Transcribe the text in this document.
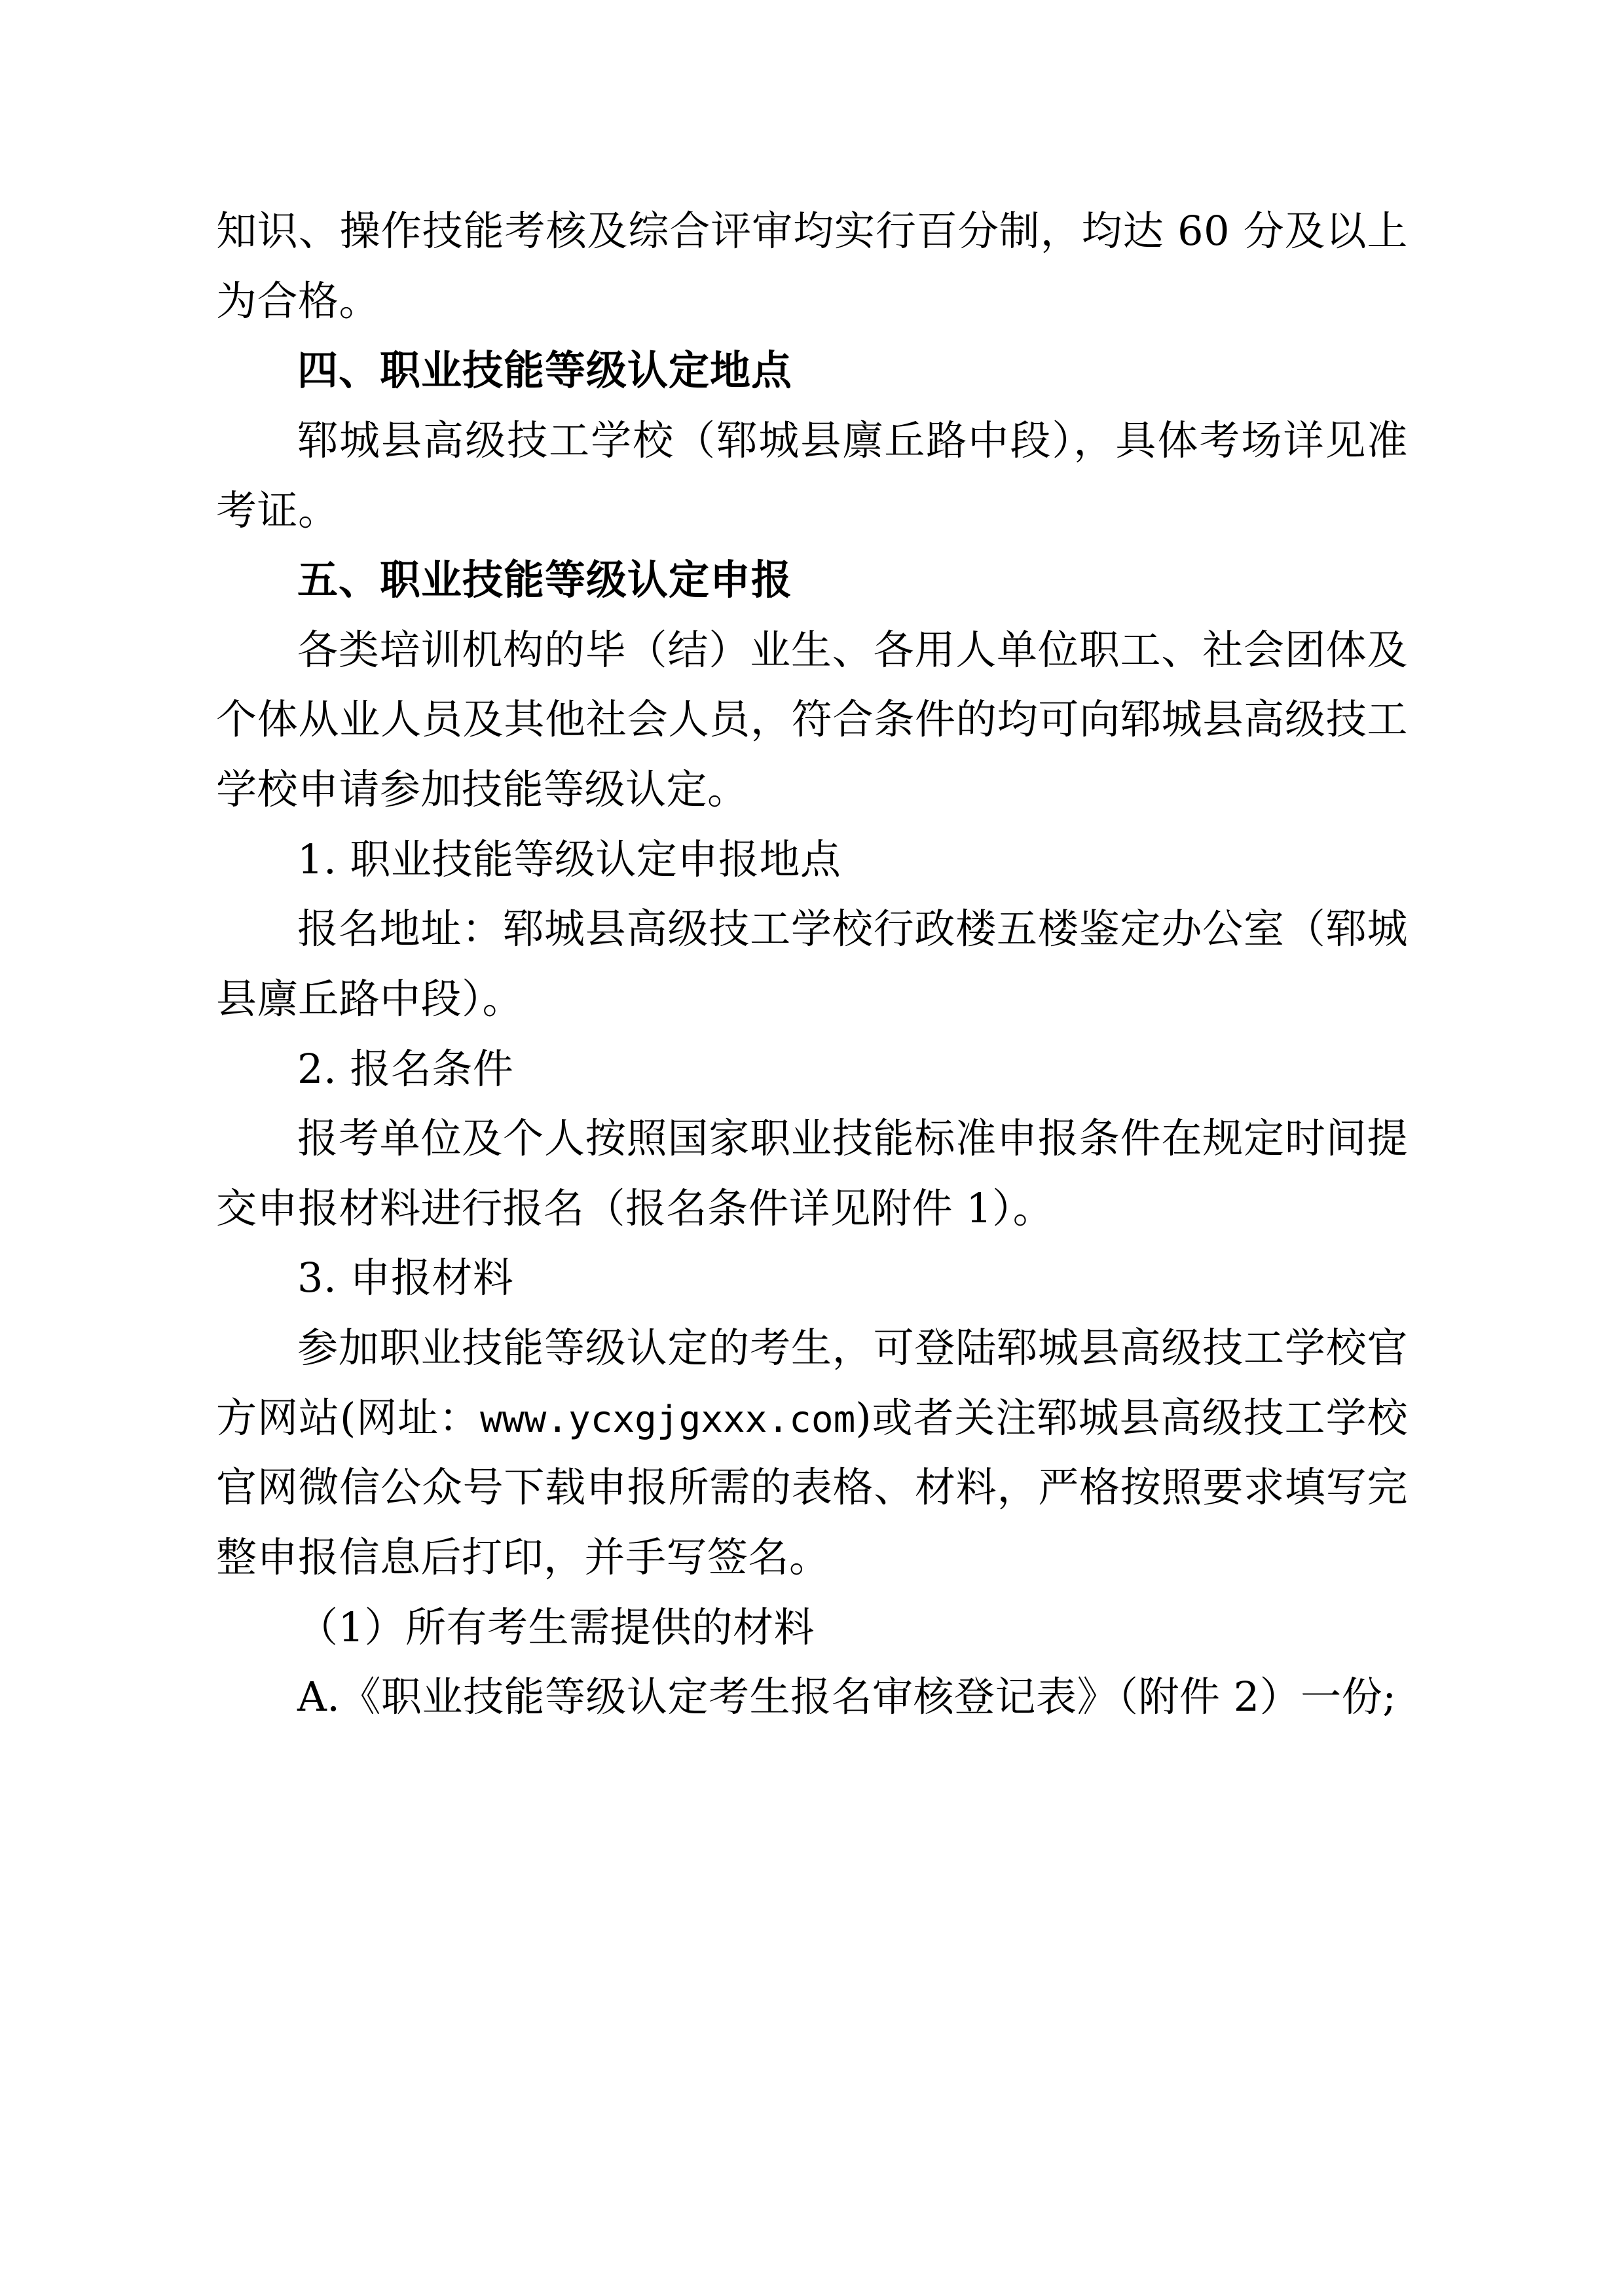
知识、操作技能考核及综合评审均实行百分制，均达 60 分及以上为合格。

四、职业技能等级认定地点

郓城县高级技工学校（郓城县廪丘路中段），具体考场详见准考证。

五、职业技能等级认定申报

各类培训机构的毕（结）业生、各用人单位职工、社会团体及个体从业人员及其他社会人员，符合条件的均可向郓城县高级技工学校申请参加技能等级认定。

1. 职业技能等级认定申报地点

报名地址：郓城县高级技工学校行政楼五楼鉴定办公室（郓城县廪丘路中段）。

2. 报名条件

报考单位及个人按照国家职业技能标准申报条件在规定时间提交申报材料进行报名（报名条件详见附件 1）。

3. 申报材料

参加职业技能等级认定的考生，可登陆郓城县高级技工学校官方网站(网址：www.ycxgjgxxx.com)或者关注郓城县高级技工学校官网微信公众号下载申报所需的表格、材料，严格按照要求填写完整申报信息后打印，并手写签名。

（1）所有考生需提供的材料

A.《职业技能等级认定考生报名审核登记表》（附件 2）一份;
